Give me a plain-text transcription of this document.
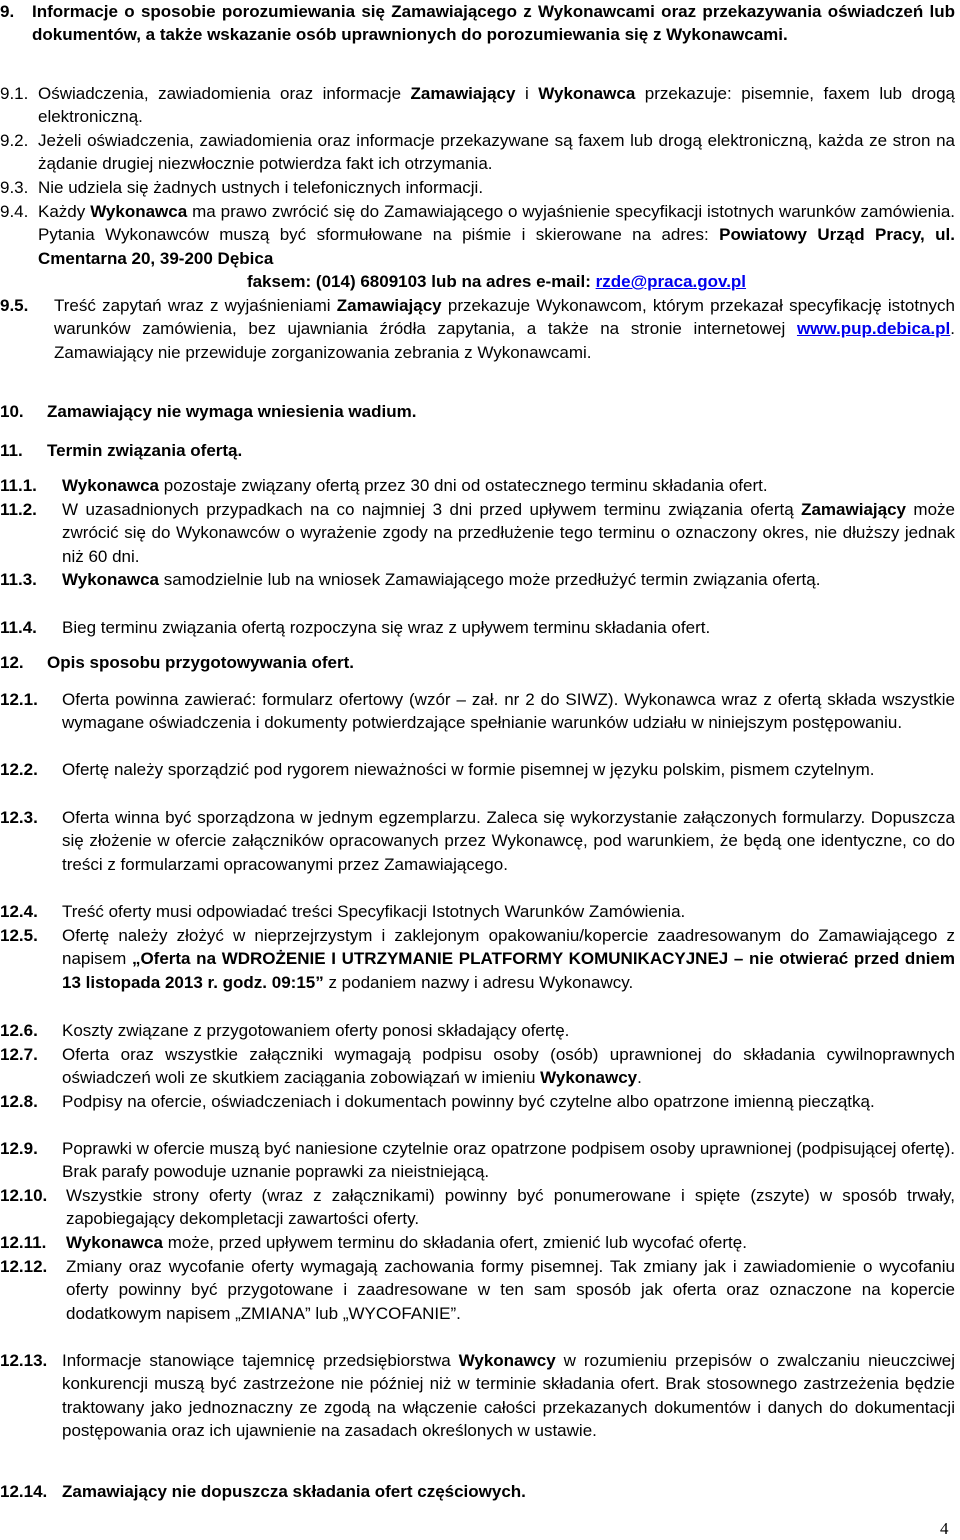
9. Informacje o sposobie porozumiewania się Zamawiającego z Wykonawcami oraz przekazywania oświadczeń lub dokumentów, a także wskazanie osób uprawnionych do porozumiewania się z Wykonawcami.
9.1. Oświadczenia, zawiadomienia oraz informacje Zamawiający i Wykonawca przekazuje: pisemnie, faxem lub drogą elektroniczną.
9.2. Jeżeli oświadczenia, zawiadomienia oraz informacje przekazywane są faxem lub drogą elektroniczną, każda ze stron na żądanie drugiej niezwłocznie potwierdza fakt ich otrzymania.
9.3. Nie udziela się żadnych ustnych i telefonicznych informacji.
9.4. Każdy Wykonawca ma prawo zwrócić się do Zamawiającego o wyjaśnienie specyfikacji istotnych warunków zamówienia. Pytania Wykonawców muszą być sformułowane na piśmie i skierowane na adres: Powiatowy Urząd Pracy, ul. Cmentarna 20, 39-200 Dębica
faksem: (014) 6809103 lub na adres e-mail: rzde@praca.gov.pl
9.5. Treść zapytań wraz z wyjaśnieniami Zamawiający przekazuje Wykonawcom, którym przekazał specyfikację istotnych warunków zamówienia, bez ujawniania źródła zapytania, a także na stronie internetowej www.pup.debica.pl. Zamawiający nie przewiduje zorganizowania zebrania z Wykonawcami.
10. Zamawiający nie wymaga wniesienia wadium.
11. Termin związania ofertą.
11.1. Wykonawca pozostaje związany ofertą przez 30 dni od ostatecznego terminu składania ofert.
11.2. W uzasadnionych przypadkach na co najmniej 3 dni przed upływem terminu związania ofertą Zamawiający może zwrócić się do Wykonawców o wyrażenie zgody na przedłużenie tego terminu o oznaczony okres, nie dłuższy jednak niż 60 dni.
11.3. Wykonawca samodzielnie lub na wniosek Zamawiającego może przedłużyć termin związania ofertą.
11.4. Bieg terminu związania ofertą rozpoczyna się wraz z upływem terminu składania ofert.
12. Opis sposobu przygotowywania ofert.
12.1. Oferta powinna zawierać: formularz ofertowy (wzór – zał. nr 2 do SIWZ). Wykonawca wraz z ofertą składa wszystkie wymagane oświadczenia i dokumenty potwierdzające spełnianie warunków udziału w niniejszym postępowaniu.
12.2. Ofertę należy sporządzić pod rygorem nieważności w formie pisemnej w języku polskim, pismem czytelnym.
12.3. Oferta winna być sporządzona w jednym egzemplarzu. Zaleca się wykorzystanie załączonych formularzy. Dopuszcza się złożenie w ofercie załączników opracowanych przez Wykonawcę, pod warunkiem, że będą one identyczne, co do treści z formularzami opracowanymi przez Zamawiającego.
12.4. Treść oferty musi odpowiadać treści Specyfikacji Istotnych Warunków Zamówienia.
12.5. Ofertę należy złożyć w nieprzejrzystym i zaklejonym opakowaniu/kopercie zaadresowanym do Zamawiającego z napisem „Oferta na WDROŻENIE I UTRZYMANIE PLATFORMY KOMUNIKACYJNEJ – nie otwierać przed dniem 13 listopada 2013 r. godz. 09:15” z podaniem nazwy i adresu Wykonawcy.
12.6. Koszty związane z przygotowaniem oferty ponosi składający ofertę.
12.7. Oferta oraz wszystkie załączniki wymagają podpisu osoby (osób) uprawnionej do składania cywilnoprawnych oświadczeń woli ze skutkiem zaciągania zobowiązań w imieniu Wykonawcy.
12.8. Podpisy na ofercie, oświadczeniach i dokumentach powinny być czytelne albo opatrzone imienną pieczątką.
12.9. Poprawki w ofercie muszą być naniesione czytelnie oraz opatrzone podpisem osoby uprawnionej (podpisującej ofertę). Brak parafy powoduje uznanie poprawki za nieistniejącą.
12.10. Wszystkie strony oferty (wraz z załącznikami) powinny być ponumerowane i spięte (zszyte) w sposób trwały, zapobiegający dekompletacji zawartości oferty.
12.11. Wykonawca może, przed upływem terminu do składania ofert, zmienić lub wycofać ofertę.
12.12. Zmiany oraz wycofanie oferty wymagają zachowania formy pisemnej. Tak zmiany jak i zawiadomienie o wycofaniu oferty powinny być przygotowane i zaadresowane w ten sam sposób jak oferta oraz oznaczone na kopercie dodatkowym napisem „ZMIANA” lub „WYCOFANIE”.
12.13. Informacje stanowiące tajemnicę przedsiębiorstwa Wykonawcy w rozumieniu przepisów o zwalczaniu nieuczciwej konkurencji muszą być zastrzeżone nie później niż w terminie składania ofert. Brak stosownego zastrzeżenia będzie traktowany jako jednoznaczny ze zgodą na włączenie całości przekazanych dokumentów i danych do dokumentacji postępowania oraz ich ujawnienie na zasadach określonych w ustawie.
12.14. Zamawiający nie dopuszcza składania ofert częściowych.
4
